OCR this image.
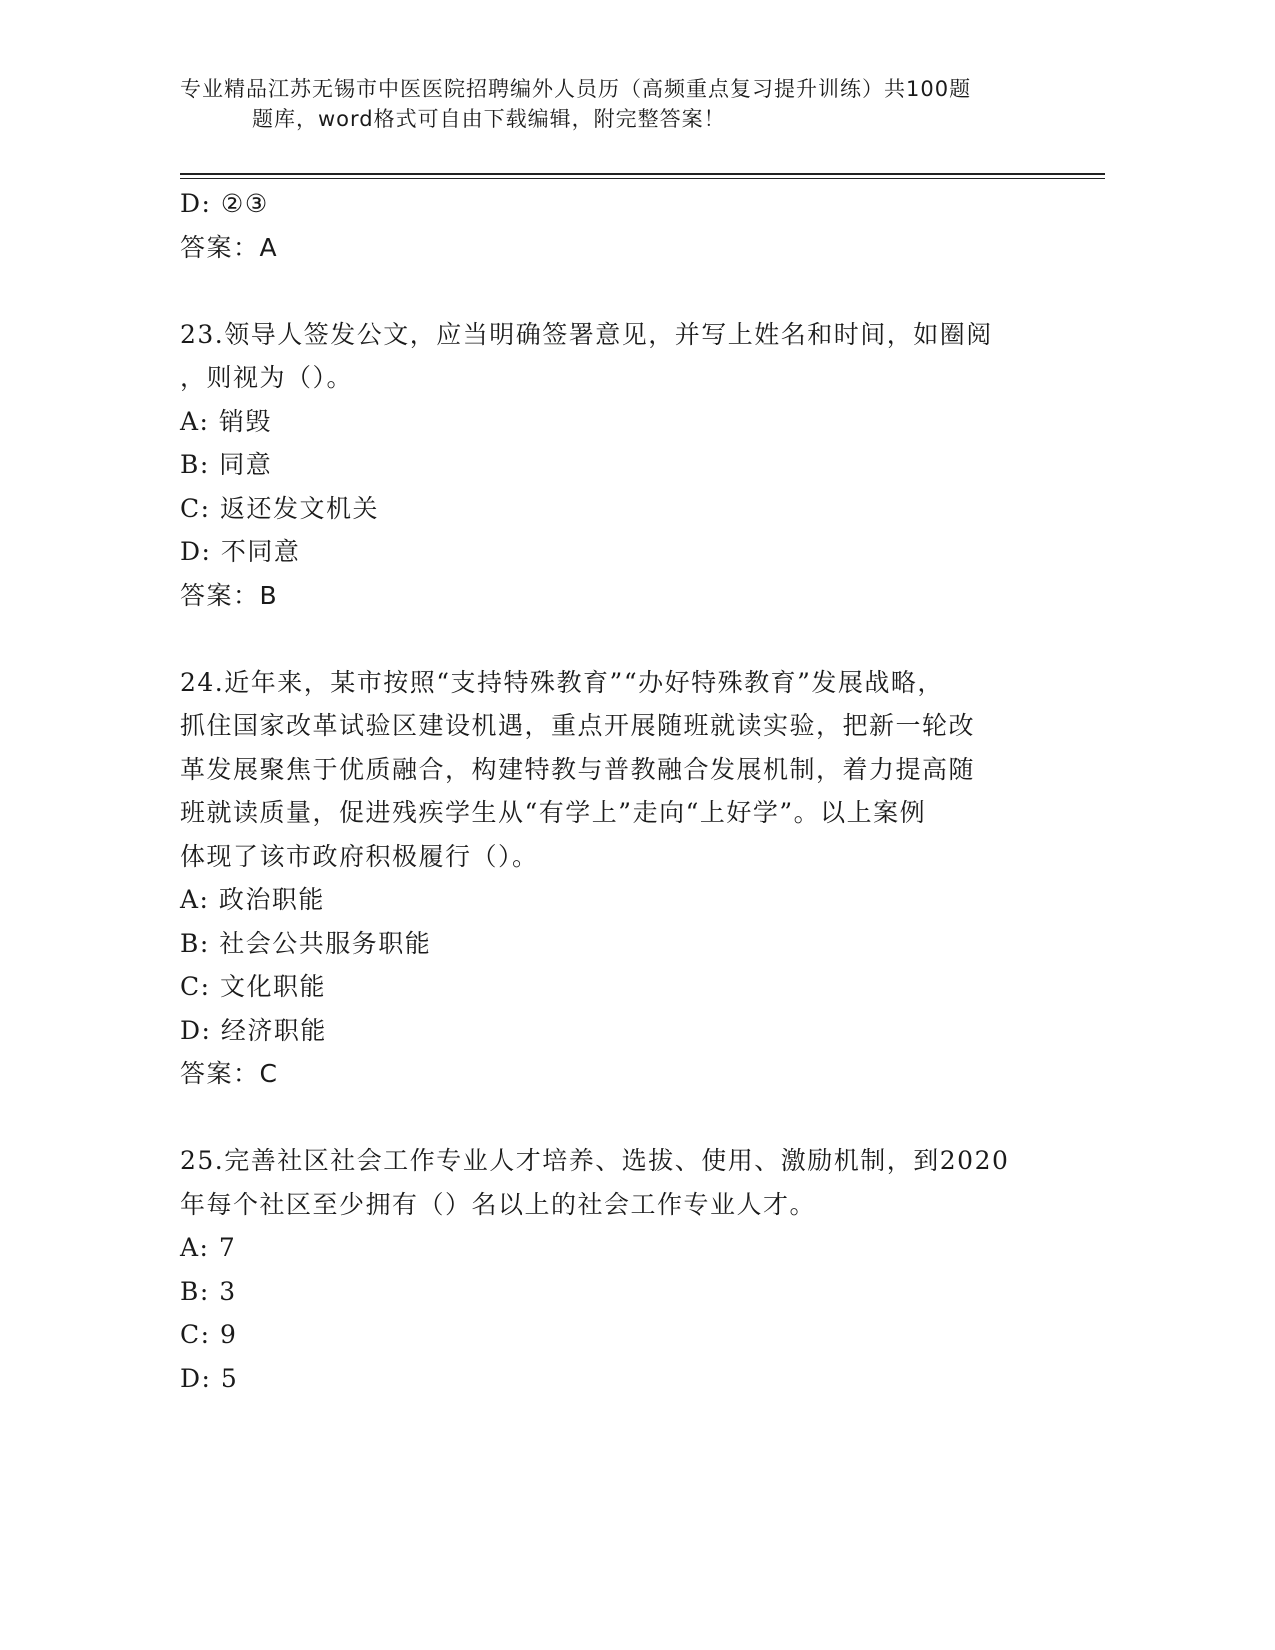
专业精品江苏无锡市中医医院招聘编外人员历（高频重点复习提升训练）共100题
题库，word格式可自由下载编辑，附完整答案！
D: ②③
答案：A
23.领导人签发公文，应当明确签署意见，并写上姓名和时间，如圈阅
，则视为（）。
A: 销毁
B: 同意
C: 返还发文机关
D: 不同意
答案：B
24.近年来，某市按照“支持特殊教育”“办好特殊教育”发展战略，
抓住国家改革试验区建设机遇，重点开展随班就读实验，把新一轮改
革发展聚焦于优质融合，构建特教与普教融合发展机制，着力提高随
班就读质量，促进残疾学生从“有学上”走向“上好学”。以上案例
体现了该市政府积极履行（）。
A: 政治职能
B: 社会公共服务职能
C: 文化职能
D: 经济职能
答案：C
25.完善社区社会工作专业人才培养、选拔、使用、激励机制，到2020
年每个社区至少拥有（）名以上的社会工作专业人才。
A: 7
B: 3
C: 9
D: 5
